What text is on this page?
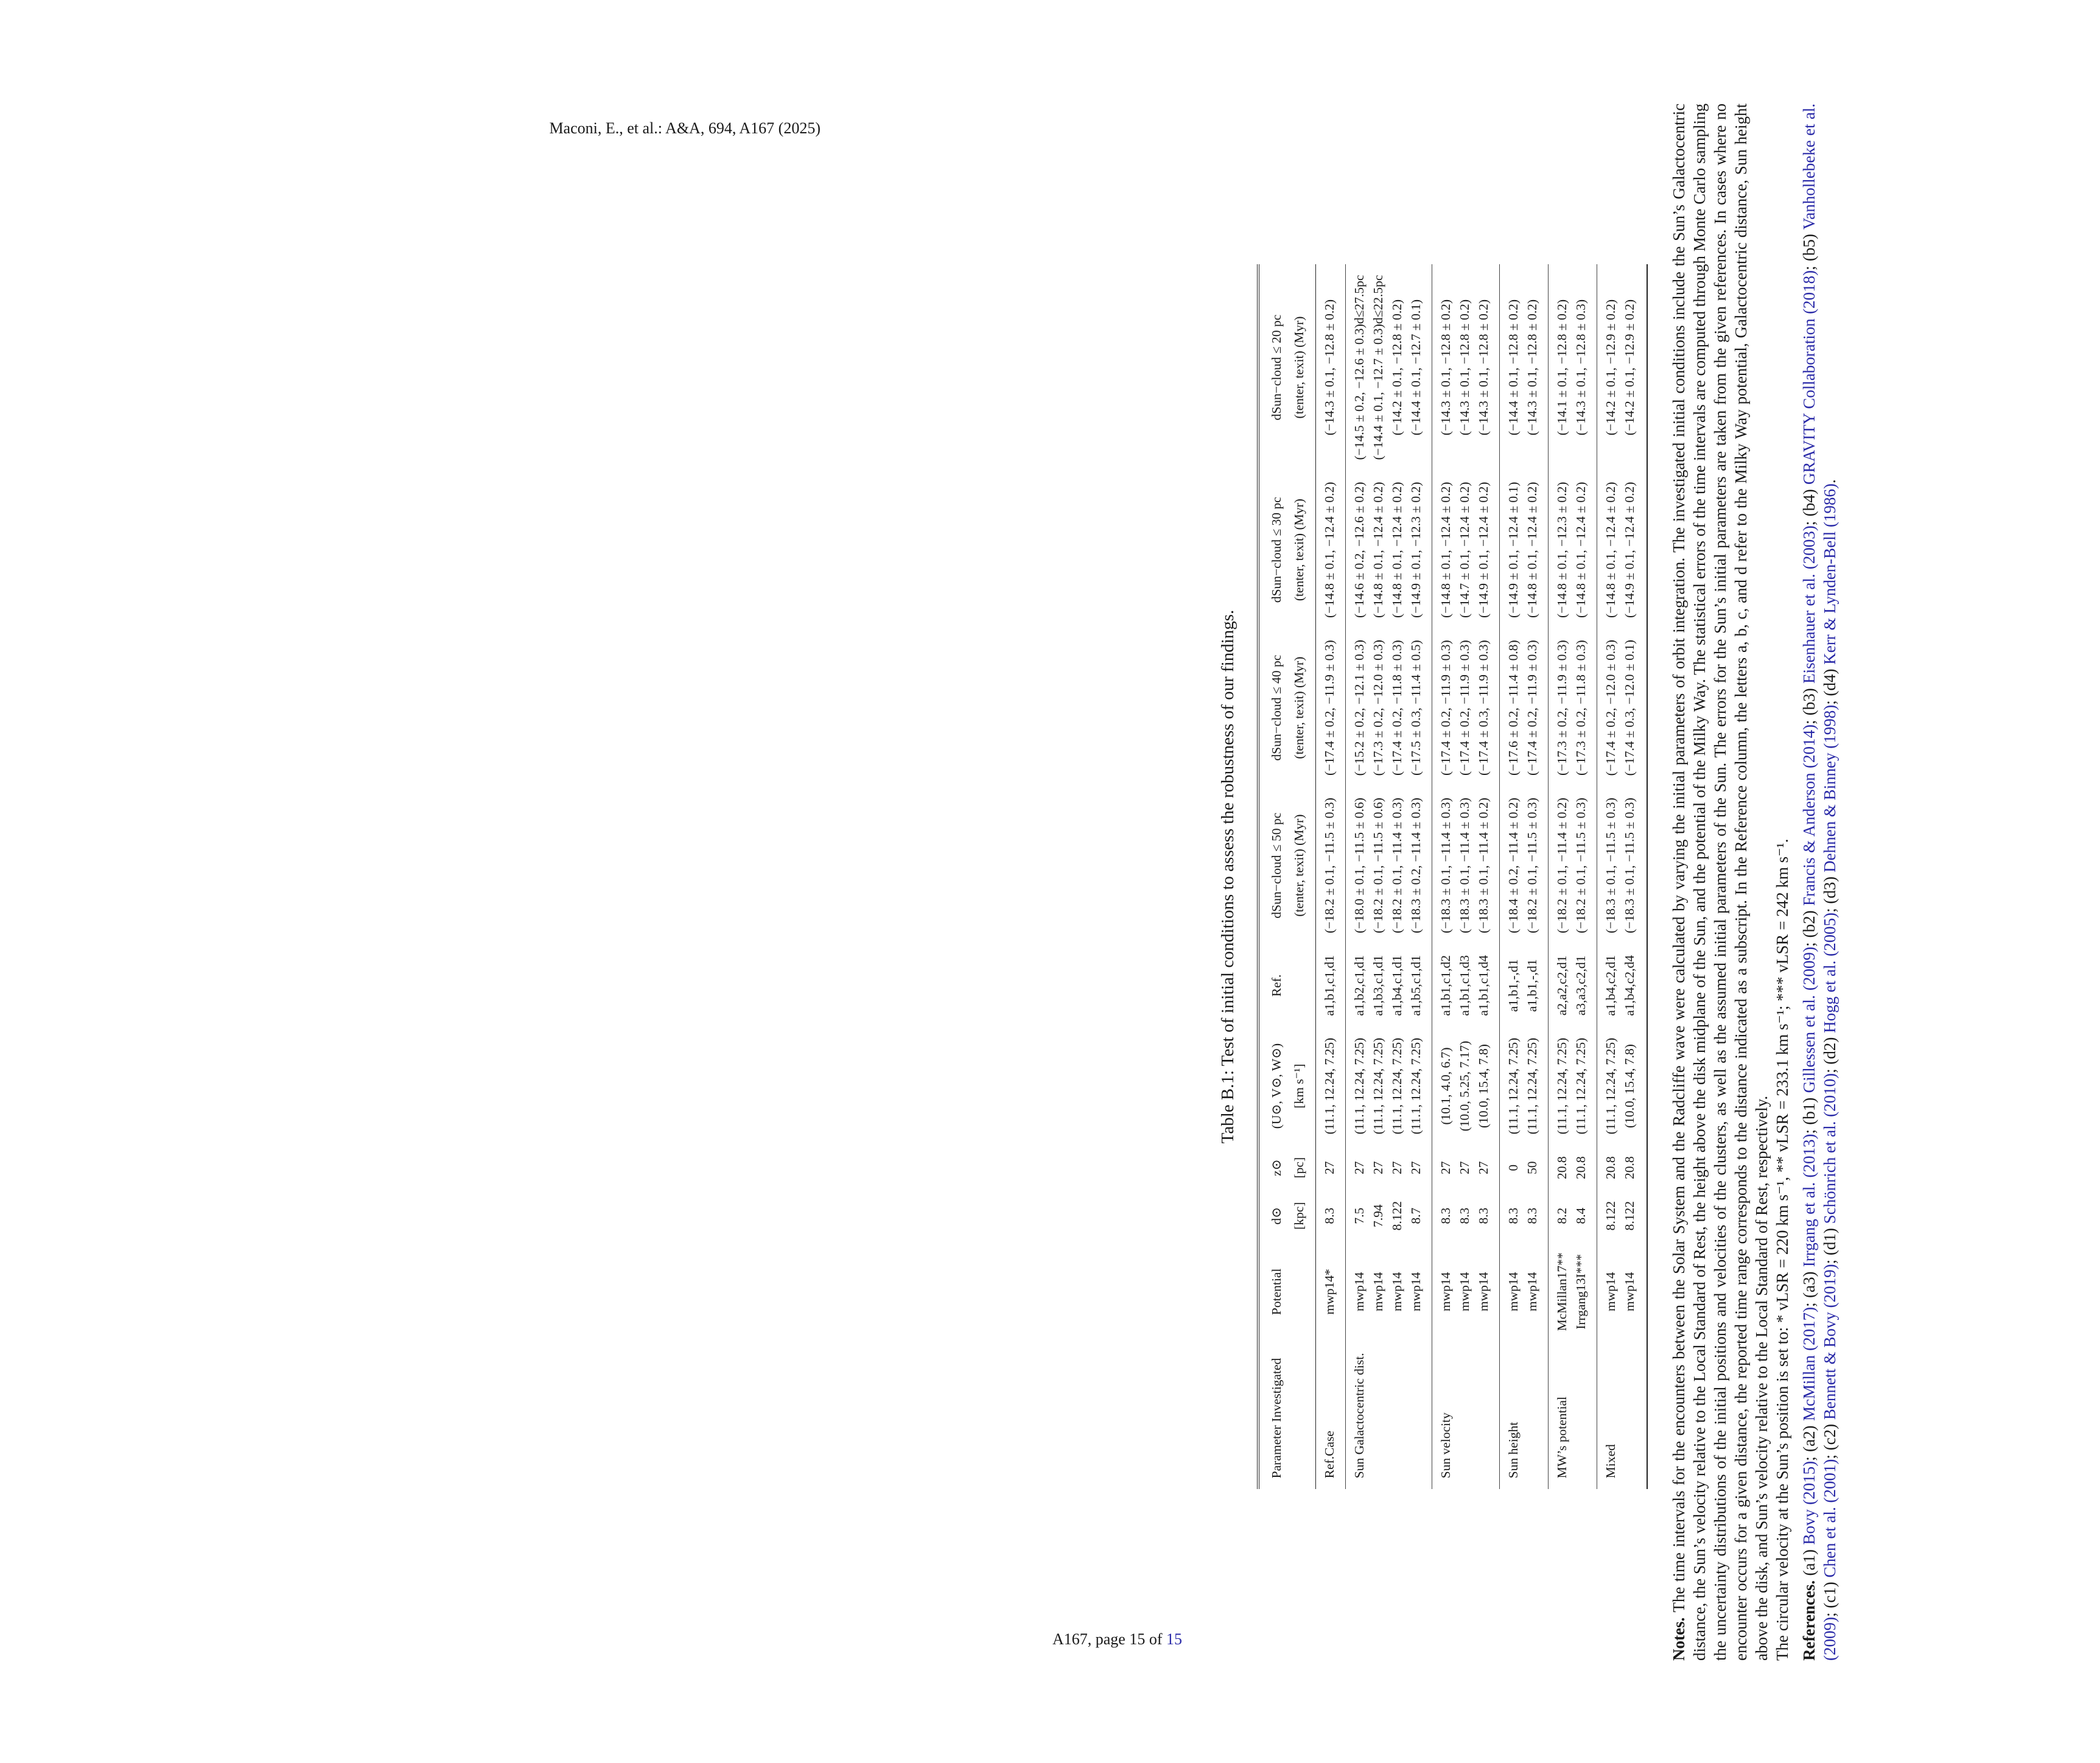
Maconi, E., et al.: A&A, 694, A167 (2025)
Table B.1: Test of initial conditions to assess the robustness of our findings.
Parameter Investigated	Potential	d⊙	z⊙	(U⊙, V⊙, W⊙)	Ref.	dSun−cloud ≤ 50 pc	dSun−cloud ≤ 40 pc	dSun−cloud ≤ 30 pc	dSun−cloud ≤ 20 pc
		[kpc]	[pc]	[km s⁻¹]		(tenter, texit) (Myr)	(tenter, texit) (Myr)	(tenter, texit) (Myr)	(tenter, texit) (Myr)
Ref.Case	mwp14*	8.3	27	(11.1, 12.24, 7.25)	a1,b1,c1,d1	(−18.2 ± 0.1, −11.5 ± 0.3)	(−17.4 ± 0.2, −11.9 ± 0.3)	(−14.8 ± 0.1, −12.4 ± 0.2)	(−14.3 ± 0.1, −12.8 ± 0.2)
Sun Galactocentric dist.	mwp14	7.5	27	(11.1, 12.24, 7.25)	a1,b2,c1,d1	(−18.0 ± 0.1, −11.5 ± 0.6)	(−15.2 ± 0.2, −12.1 ± 0.3)	(−14.6 ± 0.2, −12.6 ± 0.2)	(−14.5 ± 0.2, −12.6 ± 0.3)d≤27.5pc
	mwp14	7.94	27	(11.1, 12.24, 7.25)	a1,b3,c1,d1	(−18.2 ± 0.1, −11.5 ± 0.6)	(−17.3 ± 0.2, −12.0 ± 0.3)	(−14.8 ± 0.1, −12.4 ± 0.2)	(−14.4 ± 0.1, −12.7 ± 0.3)d≤22.5pc
	mwp14	8.122	27	(11.1, 12.24, 7.25)	a1,b4,c1,d1	(−18.2 ± 0.1, −11.4 ± 0.3)	(−17.4 ± 0.2, −11.8 ± 0.3)	(−14.8 ± 0.1, −12.4 ± 0.2)	(−14.2 ± 0.1, −12.8 ± 0.2)
	mwp14	8.7	27	(11.1, 12.24, 7.25)	a1,b5,c1,d1	(−18.3 ± 0.2, −11.4 ± 0.3)	(−17.5 ± 0.3, −11.4 ± 0.5)	(−14.9 ± 0.1, −12.3 ± 0.2)	(−14.4 ± 0.1, −12.7 ± 0.1)
Sun velocity	mwp14	8.3	27	(10.1, 4.0, 6.7)	a1,b1,c1,d2	(−18.3 ± 0.1, −11.4 ± 0.3)	(−17.4 ± 0.2, −11.9 ± 0.3)	(−14.8 ± 0.1, −12.4 ± 0.2)	(−14.3 ± 0.1, −12.8 ± 0.2)
	mwp14	8.3	27	(10.0, 5.25, 7.17)	a1,b1,c1,d3	(−18.3 ± 0.1, −11.4 ± 0.3)	(−17.4 ± 0.2, −11.9 ± 0.3)	(−14.7 ± 0.1, −12.4 ± 0.2)	(−14.3 ± 0.1, −12.8 ± 0.2)
	mwp14	8.3	27	(10.0, 15.4, 7.8)	a1,b1,c1,d4	(−18.3 ± 0.1, −11.4 ± 0.2)	(−17.4 ± 0.3, −11.9 ± 0.3)	(−14.9 ± 0.1, −12.4 ± 0.2)	(−14.3 ± 0.1, −12.8 ± 0.2)
Sun height	mwp14	8.3	0	(11.1, 12.24, 7.25)	a1,b1,-,d1	(−18.4 ± 0.2, −11.4 ± 0.2)	(−17.6 ± 0.2, −11.4 ± 0.8)	(−14.9 ± 0.1, −12.4 ± 0.1)	(−14.4 ± 0.1, −12.8 ± 0.2)
	mwp14	8.3	50	(11.1, 12.24, 7.25)	a1,b1,-,d1	(−18.2 ± 0.1, −11.5 ± 0.3)	(−17.4 ± 0.2, −11.9 ± 0.3)	(−14.8 ± 0.1, −12.4 ± 0.2)	(−14.3 ± 0.1, −12.8 ± 0.2)
MW’s potential	McMillan17**	8.2	20.8	(11.1, 12.24, 7.25)	a2,a2,c2,d1	(−18.2 ± 0.1, −11.4 ± 0.2)	(−17.3 ± 0.2, −11.9 ± 0.3)	(−14.8 ± 0.1, −12.3 ± 0.2)	(−14.1 ± 0.1, −12.8 ± 0.2)
	Irrgang13I***	8.4	20.8	(11.1, 12.24, 7.25)	a3,a3,c2,d1	(−18.2 ± 0.1, −11.5 ± 0.3)	(−17.3 ± 0.2, −11.8 ± 0.3)	(−14.8 ± 0.1, −12.4 ± 0.2)	(−14.3 ± 0.1, −12.8 ± 0.3)
Mixed	mwp14	8.122	20.8	(11.1, 12.24, 7.25)	a1,b4,c2,d1	(−18.3 ± 0.1, −11.5 ± 0.3)	(−17.4 ± 0.2, −12.0 ± 0.3)	(−14.8 ± 0.1, −12.4 ± 0.2)	(−14.2 ± 0.1, −12.9 ± 0.2)
	mwp14	8.122	20.8	(10.0, 15.4, 7.8)	a1,b4,c2,d4	(−18.3 ± 0.1, −11.5 ± 0.3)	(−17.4 ± 0.3, −12.0 ± 0.1)	(−14.9 ± 0.1, −12.4 ± 0.2)	(−14.2 ± 0.1, −12.9 ± 0.2)

Notes. The time intervals for the encounters between the Solar System and the Radcliffe wave were calculated by varying the initial parameters of orbit integration. The investigated initial conditions include the Sun’s Galactocentric distance, the Sun’s velocity relative to the Local Standard of Rest, the height above the disk midplane of the Sun, and the potential of the Milky Way. The statistical errors of the time intervals are computed through Monte Carlo sampling the uncertainty distributions of the initial positions and velocities of the clusters, as well as the assumed initial parameters of the Sun. The errors for the Sun’s initial parameters are taken from the given references. In cases where no encounter occurs for a given distance, the reported time range corresponds to the distance indicated as a subscript. In the Reference column, the letters a, b, c, and d refer to the Milky Way potential, Galactocentric distance, Sun height above the disk, and Sun’s velocity relative to the Local Standard of Rest, respectively. The circular velocity at the Sun’s position is set to: * vLSR = 220 km s⁻¹, ** vLSR = 233.1 km s⁻¹; *** vLSR = 242 km s⁻¹. References. (a1) Bovy (2015); (a2) McMillan (2017); (a3) Irrgang et al. (2013); (b1) Gillessen et al. (2009); (b2) Francis & Anderson (2014); (b3) Eisenhauer et al. (2003); (b4) GRAVITY Collaboration (2018); (b5) Vanhollebeke et al. (2009); (c1) Chen et al. (2001); (c2) Bennett & Bovy (2019); (d1) Schönrich et al. (2010); (d2) Hogg et al. (2005); (d3) Dehnen & Binney (1998); (d4) Kerr & Lynden-Bell (1986).

A167, page 15 of 15
